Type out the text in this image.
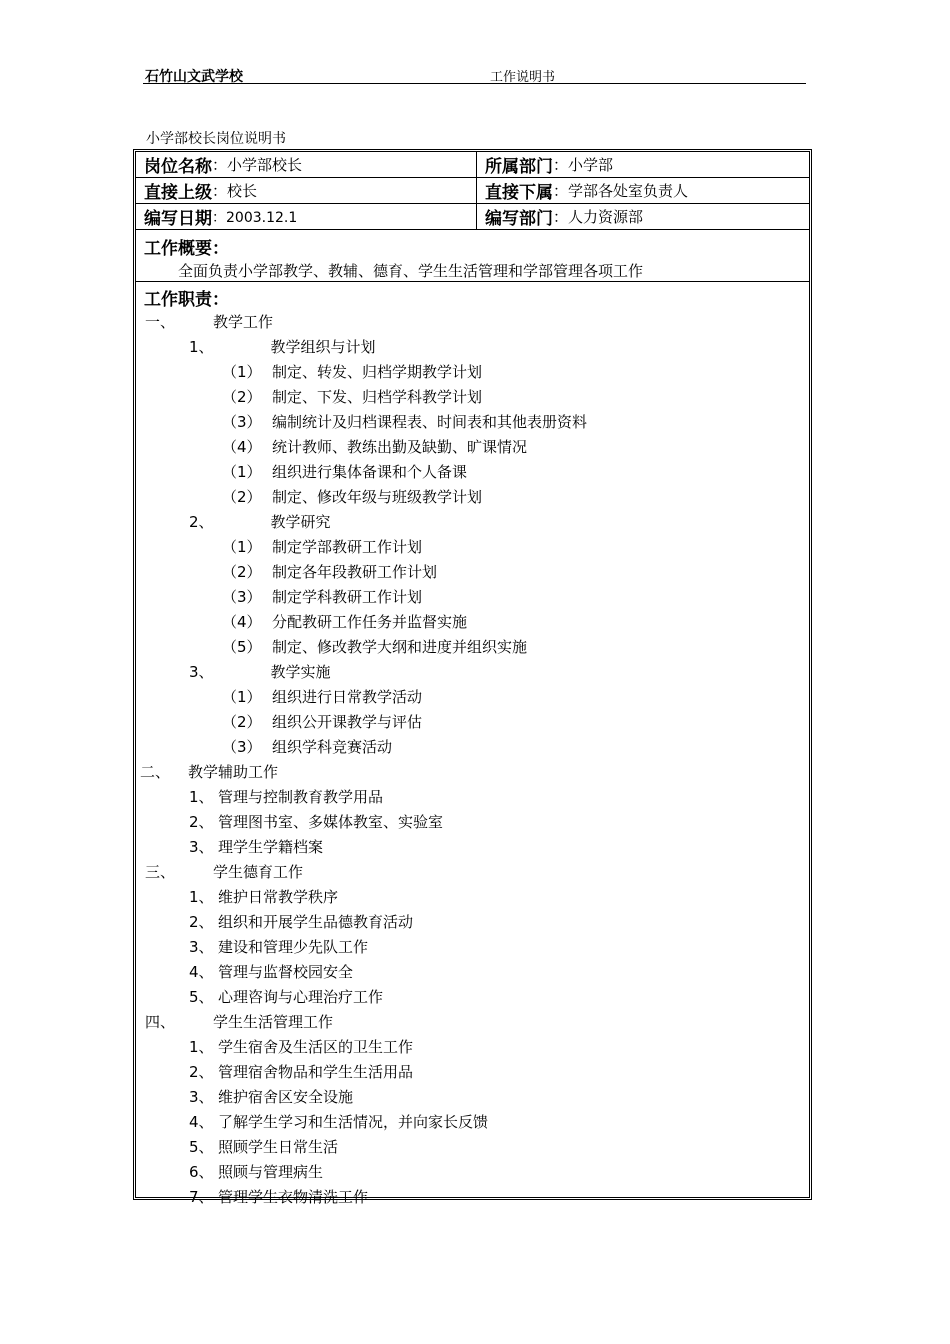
石竹山文武学校	工作说明书
小学部校长岗位说明书
岗位名称 ：小学部校长	所属部门 ：小学部
直接上级 ：校长	直接下属 ：学部各处室负责人
编写日期 ：2003.12.1	编写部门 ：人力资源部
工作概要：
全面负责小学部教学、教辅、德育、学生生活管理和学部管理各项工作
工作职责：
一、	教学工作
1、	教学组织与计划
（1） 制定、转发、归档学期教学计划
（2） 制定、下发、归档学科教学计划
（3） 编制统计及归档课程表、时间表和其他表册资料
（4） 统计教师、教练出勤及缺勤、旷课情况
（1） 组织进行集体备课和个人备课
（2） 制定、修改年级与班级教学计划
2、	教学研究
（1） 制定学部教研工作计划
（2） 制定各年段教研工作计划
（3） 制定学科教研工作计划
（4） 分配教研工作任务并监督实施
（5） 制定、修改教学大纲和进度并组织实施
3、	教学实施
（1） 组织进行日常教学活动
（2） 组织公开课教学与评估
（3） 组织学科竞赛活动
二、 教学辅助工作
1、 管理与控制教育教学用品
2、 管理图书室、多媒体教室、实验室
3、 理学生学籍档案
三、	学生德育工作
1、 维护日常教学秩序
2、 组织和开展学生品德教育活动
3、 建设和管理少先队工作
4、 管理与监督校园安全
5、 心理咨询与心理治疗工作
四、	学生生活管理工作
1、 学生宿舍及生活区的卫生工作
2、 管理宿舍物品和学生生活用品
3、 维护宿舍区安全设施
4、 了解学生学习和生活情况，并向家长反馈
5、 照顾学生日常生活
6、 照顾与管理病生
7、 管理学生衣物清洗工作
